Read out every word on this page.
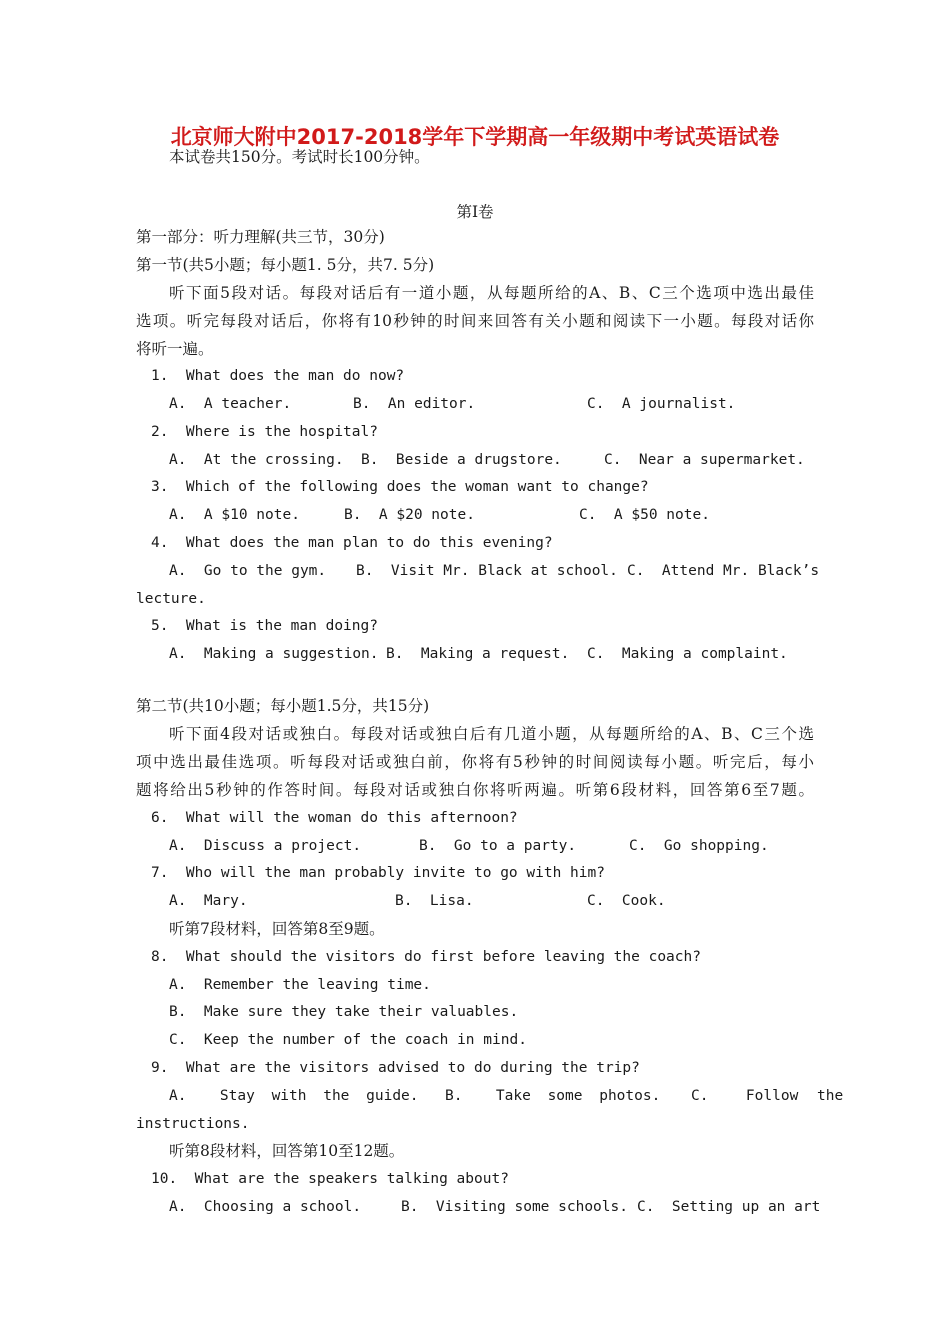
北京师大附中2017-2018学年下学期高一年级期中考试英语试卷
本试卷共150分。考试时长100分钟。
第Ⅰ卷
第一部分：听力理解(共三节，30分)
第一节(共5小题；每小题1. 5分，共7. 5分)
听下面5段对话。每段对话后有一道小题，从每题所给的A、B、C三个选项中选出最佳
选项。听完每段对话后，你将有10秒钟的时间来回答有关小题和阅读下一小题。每段对话你
将听一遍。
1.  What does the man do now?
A.  A teacher.	B.  An editor.	C.  A journalist.
2.  Where is the hospital?
A.  At the crossing. B.  Beside a drugstore.	C.  Near a supermarket.
3.  Which of the following does the woman want to change?
A.  A $10 note.	B.  A $20 note.	C.  A $50 note.
4.  What does the man plan to do this evening?
A.  Go to the gym. B.  Visit Mr. Black at school. C.  Attend Mr. Black’s
lecture.
5.  What is the man doing?
A.  Making a suggestion. B.  Making a request. C.  Making a complaint.
第二节(共10小题；每小题1.5分，共15分)
听下面4段对话或独白。每段对话或独白后有几道小题，从每题所给的A、B、C三个选
项中选出最佳选项。听每段对话或独白前，你将有5秒钟的时间阅读每小题。听完后，每小
题将给出5秒钟的作答时间。每段对话或独白你将听两遍。听第6段材料，回答第6至7题。
6.  What will the woman do this afternoon?
A.  Discuss a project.	B.  Go to a party.	C.  Go shopping.
7.  Who will the man probably invite to go with him?
A.  Mary.	B.  Lisa.	C.  Cook.
听第7段材料，回答第8至9题。
8.  What should the visitors do first before leaving the coach?
A.  Remember the leaving time.
B.  Make sure they take their valuables.
C.  Keep the number of the coach in mind.
9.  What are the visitors advised to do during the trip?
A.  Stay with the guide. B.  Take some photos. C.  Follow the
instructions.
听第8段材料，回答第10至12题。
10.  What are the speakers talking about?
A.  Choosing a school.	B.  Visiting some schools. C.  Setting up an art
